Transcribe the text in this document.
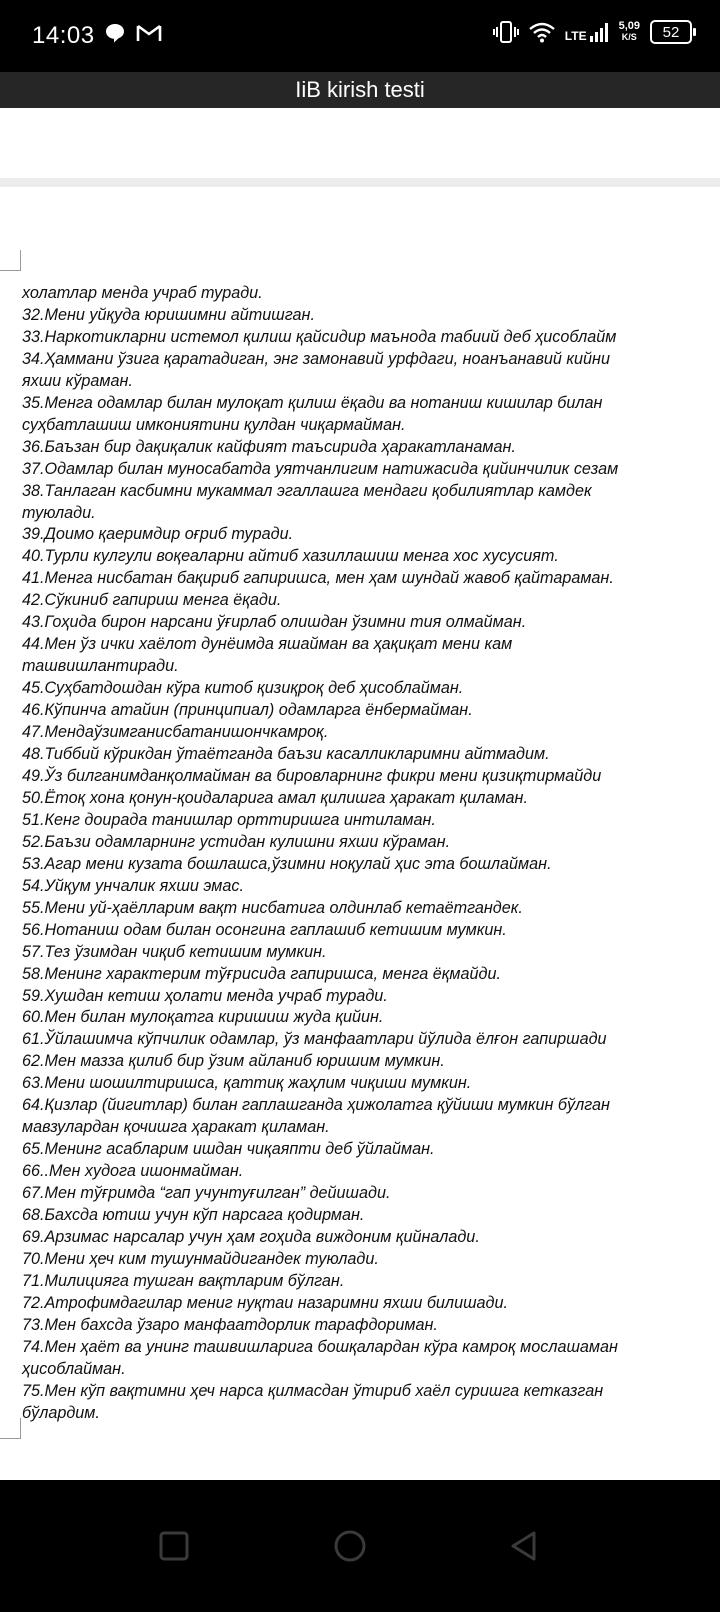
14:03	LTE
5,09
K/S 52
IiB kirish testi
холатлар менда учраб туради.
32.Мени уйқуда юришимни айтишган.
33.Наркотикларни истемол қилиш қайсидир маънода табиий деб ҳисоблайм
34.Ҳаммани ўзига қаратадиган, энг замонавий урфдаги, ноанъанавий кийни
яхши кўраман.
35.Менга одамлар билан мулоқат қилиш ёқади ва нотаниш кишилар билан
суҳбатлашиш имкониятини қулдан чиқармайман.
36.Баъзан бир дақиқалик кайфият таъсирида ҳаракатланаман.
37.Одамлар билан муносабатда уятчанлигим натижасида қийинчилик сезам
38.Танлаган касбимни мукаммал эгаллашга мендаги қобилиятлар камдек
туюлади.
39.Доимо қаеримдир оғриб туради.
40.Турли кулгули воқеаларни айтиб хазиллашиш менга хос хусусият.
41.Менга нисбатан бақириб гапиришса, мен ҳам шундай жавоб қайтараман.
42.Сўкиниб гапириш менга ёқади.
43.Гоҳида бирон нарсани ўғирлаб олишдан ўзимни тия олмайман.
44.Мен ўз ички хаёлот дунёимда яшайман ва ҳақиқат мени кам
ташвишлантиради.
45.Суҳбатдошдан кўра китоб қизиқроқ деб ҳисоблайман.
46.Кўпинча атайин (принципиал) одамларга ёнбермайман.
47.Мендаўзимганисбатанишончкамроқ.
48.Тиббий кўрикдан ўтаётганда баъзи касалликларимни айтмадим.
49.Ўз билганимданқолмайман ва бировларнинг фикри мени қизиқтирмайди
50.Ётоқ хона қонун-қоидаларига амал қилишга ҳаракат қиламан.
51.Кенг доирада танишлар орттиришга интиламан.
52.Баъзи одамларнинг устидан кулишни яхши кўраман.
53.Агар мени кузата бошлашса,ўзимни ноқулай ҳис эта бошлайман.
54.Уйқум унчалик яхши эмас.
55.Мени уй-ҳаёлларим вақт нисбатига олдинлаб кетаётгандек.
56.Нотаниш одам билан осонгина гаплашиб кетишим мумкин.
57.Тез ўзимдан чиқиб кетишим мумкин.
58.Менинг характерим тўғрисида гапиришса, менга ёқмайди.
59.Хушдан кетиш ҳолати менда учраб туради.
60.Мен билан мулоқатга киришиш жуда қийин.
61.Ўйлашимча кўпчилик одамлар, ўз манфаатлари йўлида ёлғон гапиршади
62.Мен мазза қилиб бир ўзим айланиб юришим мумкин.
63.Мени шошилтиришса, қаттиқ жаҳлим чиқиши мумкин.
64.Қизлар (йигитлар) билан гаплашганда ҳижолатга қўйиши мумкин бўлган
мавзулардан қочишга ҳаракат қиламан.
65.Менинг асабларим ишдан чиқаяпти деб ўйлайман.
66..Мен худога ишонмайман.
67.Мен тўғримда “гап учунтуғилган” дейишади.
68.Бахсда ютиш учун кўп нарсага қодирман.
69.Арзимас нарсалар учун ҳам гоҳида виждоним қийналади.
70.Мени ҳеч ким тушунмайдигандек туюлади.
71.Милицияга тушган вақтларим бўлган.
72.Атрофимдагилар мениг нуқтаи назаримни яхши билишади.
73.Мен бахсда ўзаро манфаатдорлик тарафдориман.
74.Мен ҳаёт ва унинг ташвишларига бошқалардан кўра камроқ мослашаман
ҳисоблайман.
75.Мен кўп вақтимни ҳеч нарса қилмасдан ўтириб хаёл суришга кетказган
бўлардим.
